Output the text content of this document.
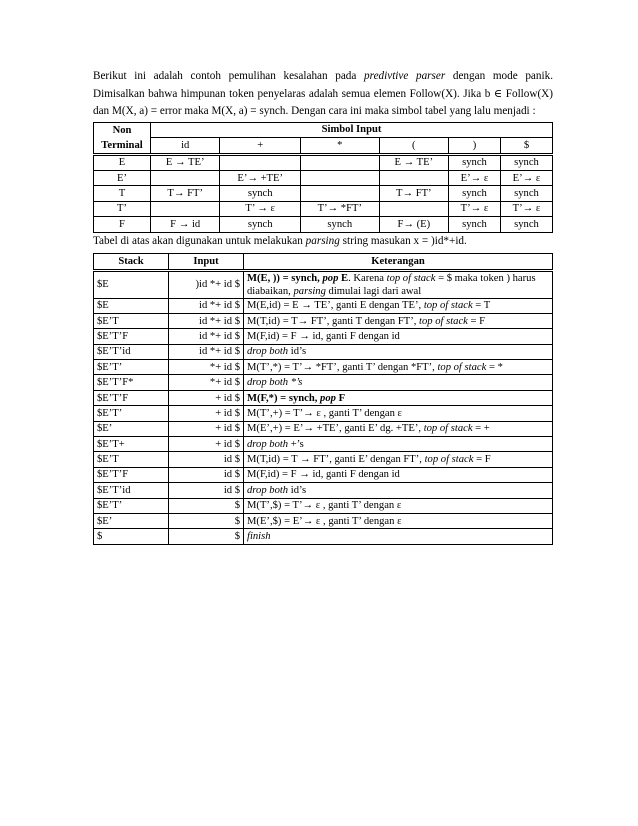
Berikut ini adalah contoh pemulihan kesalahan pada predivtive parser dengan mode panik. Dimisalkan bahwa himpunan token penyelaras adalah semua elemen Follow(X). Jika b ∈ Follow(X) dan M(X, a) = error maka M(X, a) = synch. Dengan cara ini maka simbol tabel yang lalu menjadi :

Non	Simbol Input					
Terminal	id	+	*	(	)	$
E	E → TE’			E → TE’	synch	synch
E’		E’→ +TE’			E’→ ε	E’→ ε
T	T→ FT’	synch		T→ FT’	synch	synch
T’		T’ → ε	T’→ *FT’		T’→ ε	T’→ ε
F	F → id	synch	synch	F→ (E)	synch	synch

Tabel di atas akan digunakan untuk melakukan parsing string masukan x = )id*+id.

Stack	Input	Keterangan
$E	)id *+ id $	M(E, )) = synch, pop E. Karena top of stack = $ maka token ) harus diabaikan, parsing dimulai lagi dari awal
$E	id *+ id $	M(E,id) = E → TE’, ganti E dengan TE’, top of stack = T
$E’T	id *+ id $	M(T,id) = T→ FT’, ganti T dengan FT’, top of stack = F
$E’T’F	id *+ id $	M(F,id) = F → id, ganti F dengan id
$E’T’id	id *+ id $	drop both id’s
$E’T’	*+ id $	M(T’,*) = T’→ *FT’, ganti T’ dengan *FT’, top of stack = *
$E’T’F*	*+ id $	drop both *’s
$E’T’F	+ id $	M(F,*) = synch, pop F
$E’T’	+ id $	M(T’,+) = T’→ ε , ganti T’ dengan ε
$E’	+ id $	M(E’,+) = E’→ +TE’, ganti E’ dg. +TE’, top of stack = +
$E’T+	+ id $	drop both +’s
$E’T	id $	M(T,id) = T → FT’, ganti E’ dengan FT’, top of stack = F
$E’T’F	id $	M(F,id) = F → id, ganti F dengan id
$E’T’id	id $	drop both id’s
$E’T’	$	M(T’,$) = T’→ ε , ganti T’ dengan ε
$E’	$	M(E’,$) = E’→ ε , ganti T’ dengan ε
$	$	finish
